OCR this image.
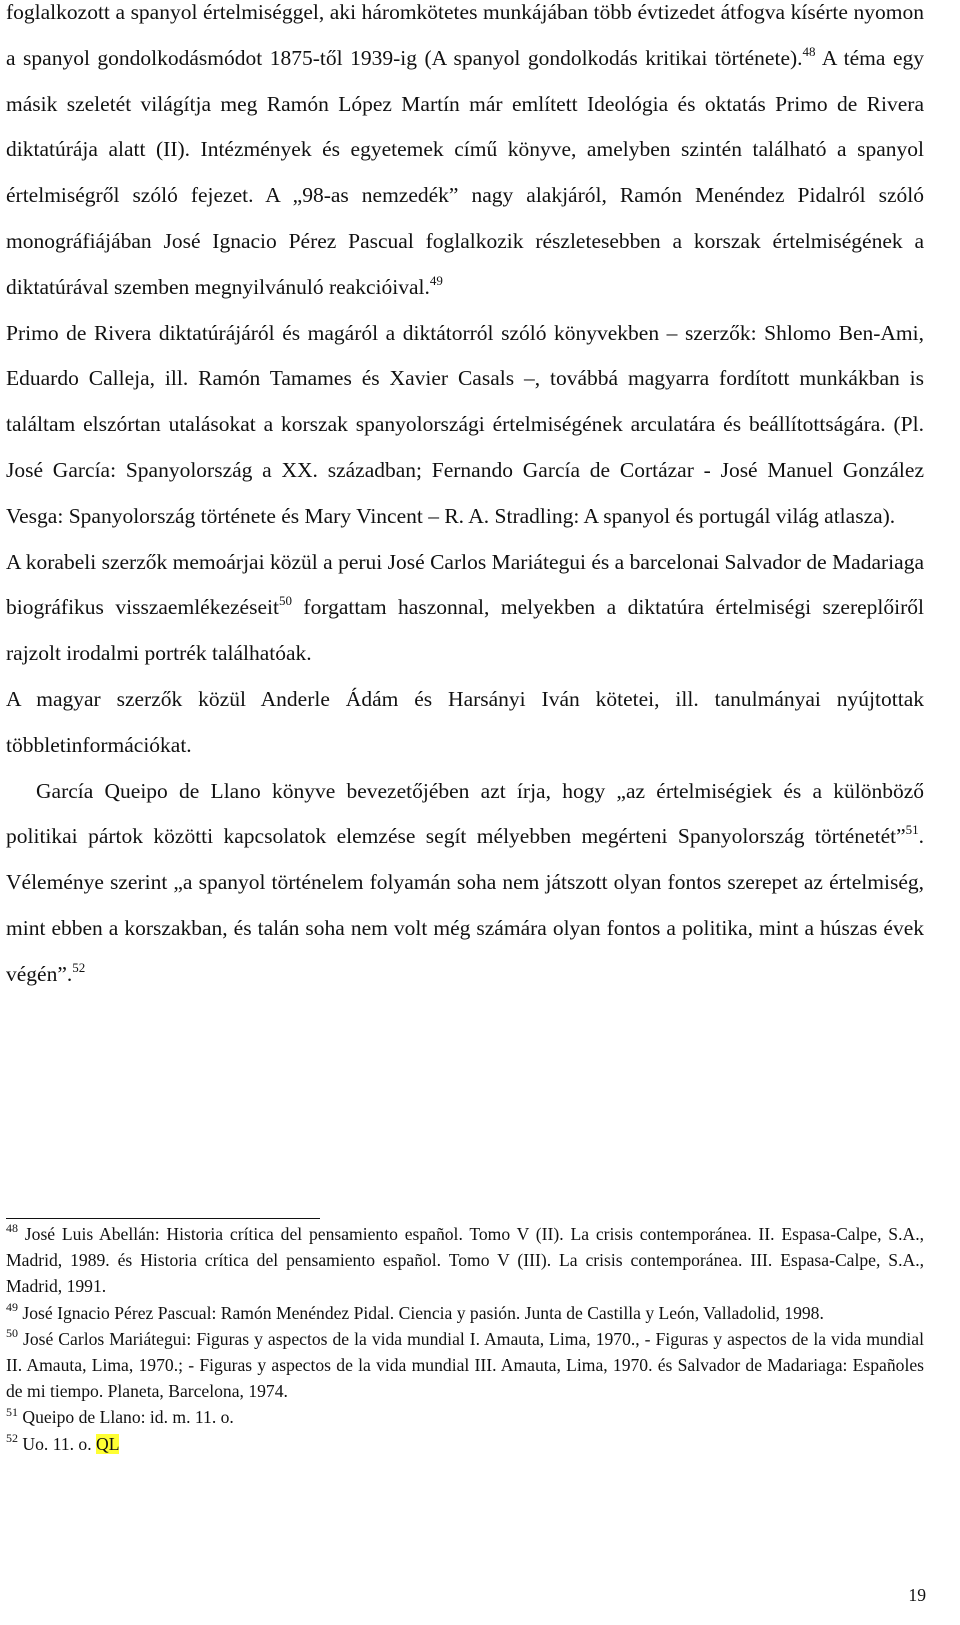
foglalkozott a spanyol értelmiséggel, aki háromkötetes munkájában több évtizedet átfogva kísérte nyomon a spanyol gondolkodásmódot 1875-től 1939-ig (A spanyol gondolkodás kritikai története).$^{48}$ A téma egy másik szeletét világítja meg Ramón López Martín már említett Ideológia és oktatás Primo de Rivera diktatúrája alatt (II). Intézmények és egyetemek című könyve, amelyben szintén található a spanyol értelmiségről szóló fejezet. A „98-as nemzedék” nagy alakjáról, Ramón Menéndez Pidalról szóló monográfiájában José Ignacio Pérez Pascual foglalkozik részletesebben a korszak értelmiségének a diktatúrával szemben megnyilvánuló reakcióival.$^{49}$

Primo de Rivera diktatúrájáról és magáról a diktátorról szóló könyvekben – szerzők: Shlomo Ben-Ami, Eduardo Calleja, ill. Ramón Tamames és Xavier Casals –, továbbá magyarra fordított munkákban is találtam elszórtan utalásokat a korszak spanyolországi értelmiségének arculatára és beállítottságára. (Pl. José García: Spanyolország a XX. században; Fernando García de Cortázar - José Manuel González Vesga: Spanyolország története és Mary Vincent – R. A. Stradling: A spanyol és portugál világ atlasza).

A korabeli szerzők memoárjai közül a perui José Carlos Mariátegui és a barcelonai Salvador de Madariaga biográfikus visszaemlékezéseit$^{50}$ forgattam haszonnal, melyekben a diktatúra értelmiségi szereplőiről rajzolt irodalmi portrék találhatóak.

A magyar szerzők közül Anderle Ádám és Harsányi Iván kötetei, ill. tanulmányai nyújtottak többletinformációkat.

García Queipo de Llano könyve bevezetőjében azt írja, hogy „az értelmiségiek és a különböző politikai pártok közötti kapcsolatok elemzése segít mélyebben megérteni Spanyolország történetét”$^{51}$. Véleménye szerint „a spanyol történelem folyamán soha nem játszott olyan fontos szerepet az értelmiség, mint ebben a korszakban, és talán soha nem volt még számára olyan fontos a politika, mint a húszas évek végén”.$^{52}$

$^{48}$ José Luis Abellán: Historia crítica del pensamiento español. Tomo V (II). La crisis contemporánea. II. Espasa-Calpe, S.A., Madrid, 1989. és Historia crítica del pensamiento español. Tomo V (III). La crisis contemporánea. III. Espasa-Calpe, S.A., Madrid, 1991.

$^{49}$ José Ignacio Pérez Pascual: Ramón Menéndez Pidal. Ciencia y pasión. Junta de Castilla y León, Valladolid, 1998.

$^{50}$ José Carlos Mariátegui: Figuras y aspectos de la vida mundial I. Amauta, Lima, 1970., - Figuras y aspectos de la vida mundial II. Amauta, Lima, 1970.; - Figuras y aspectos de la vida mundial III. Amauta, Lima, 1970. és Salvador de Madariaga: Españoles de mi tiempo. Planeta, Barcelona, 1974.

$^{51}$ Queipo de Llano: id. m. 11. o.

$^{52}$ Uo. 11. o. QL

19
